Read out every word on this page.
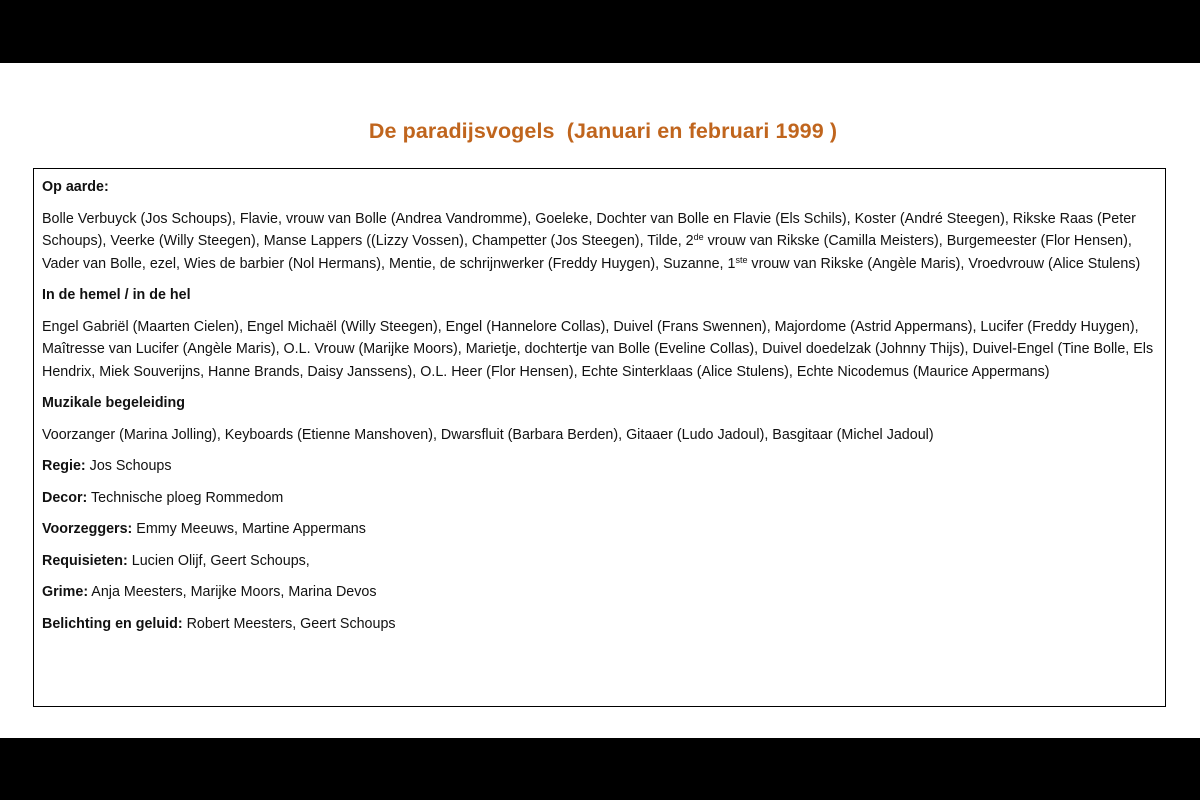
De paradijsvogels  (Januari en februari 1999 )
Op aarde:
Bolle Verbuyck (Jos Schoups), Flavie, vrouw van Bolle (Andrea Vandromme), Goeleke, Dochter van Bolle en Flavie (Els Schils), Koster (André Steegen), Rikske Raas (Peter Schoups), Veerke (Willy Steegen), Manse Lappers ((Lizzy Vossen), Champetter (Jos Steegen), Tilde, 2de vrouw van Rikske (Camilla Meisters), Burgemeester (Flor Hensen), Vader van Bolle, ezel, Wies de barbier (Nol Hermans), Mentie, de schrijnwerker (Freddy Huygen), Suzanne, 1ste vrouw van Rikske (Angèle Maris), Vroedvrouw (Alice Stulens)
In de hemel / in de hel
Engel Gabriël (Maarten Cielen), Engel Michaël (Willy Steegen), Engel (Hannelore Collas), Duivel (Frans Swennen), Majordome (Astrid Appermans), Lucifer (Freddy Huygen), Maîtresse van Lucifer (Angèle Maris), O.L. Vrouw (Marijke Moors), Marietje, dochtertje van Bolle (Eveline Collas), Duivel doedelzak (Johnny Thijs), Duivel-Engel (Tine Bolle, Els Hendrix, Miek Souverijns, Hanne Brands, Daisy Janssens), O.L. Heer (Flor Hensen), Echte Sinterklaas (Alice Stulens), Echte Nicodemus (Maurice Appermans)
Muzikale begeleiding
Voorzanger (Marina Jolling), Keyboards (Etienne Manshoven), Dwarsfluit (Barbara Berden), Gitaaer (Ludo Jadoul), Basgitaar (Michel Jadoul)
Regie: Jos Schoups
Decor: Technische ploeg Rommedom
Voorzeggers: Emmy Meeuws, Martine Appermans
Requisieten: Lucien Olijf, Geert Schoups,
Grime: Anja Meesters, Marijke Moors, Marina Devos
Belichting en geluid: Robert Meesters, Geert Schoups
